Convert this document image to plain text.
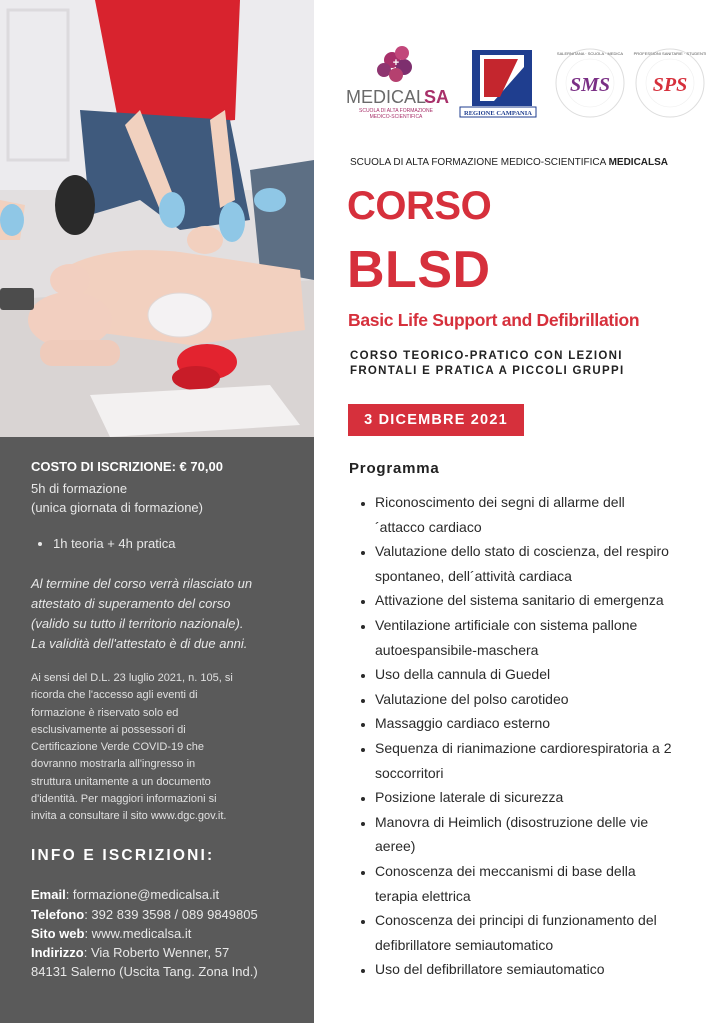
COSTO DI ISCRIZIONE: € 70,00
5h di formazione
(unica giornata di formazione)
• 1h teoria + 4h pratica
Al termine del corso verrà rilasciato un
attestato di superamento del corso
(valido su tutto il territorio nazionale).
La validità dell'attestato è di due anni.
Ai sensi del D.L. 23 luglio 2021, n. 105, si
ricorda che l'accesso agli eventi di
formazione è riservato solo ed
esclusivamente ai possessori di
Certificazione Verde COVID-19 che
dovranno mostrarla all'ingresso in
struttura unitamente a un documento
d'identità. Per maggiori informazioni si
invita a consultare il sito www.dgc.gov.it.
INFO E ISCRIZIONI:
Email: formazione@medicalsa.it
Telefono: 392 839 3598 / 089 9849805
Sito web: www.medicalsa.it
Indirizzo: Via Roberto Wenner, 57
84131 Salerno (Uscita Tang. Zona Ind.)
+
MEDICAL
SA
SCUOLA DI ALTA FORMAZIONE
MEDICO-SCIENTIFICA	REGIONE CAMPANIA
SMS
SALERNITANA · SCUOLA · MEDICA
SPS
PROFESSIONI SANITARIE · STUDENTI
SCUOLA DI ALTA FORMAZIONE MEDICO-SCIENTIFICA MEDICALSA
CORSO
BLSD
Basic Life Support and Defibrillation
CORSO TEORICO-PRATICO CON LEZIONI
FRONTALI E PRATICA A PICCOLI GRUPPI
3 DICEMBRE 2021
Programma
• Riconoscimento dei segni di allarme dell
´attacco cardiaco
• Valutazione dello stato di coscienza, del respiro
spontaneo, dell´attività cardiaca
• Attivazione del sistema sanitario di emergenza
• Ventilazione artificiale con sistema pallone
autoespansibile-maschera
• Uso della cannula di Guedel
• Valutazione del polso carotideo
• Massaggio cardiaco esterno
• Sequenza di rianimazione cardiorespiratoria a 2
soccorritori
• Posizione laterale di sicurezza
• Manovra di Heimlich (disostruzione delle vie
aeree)
• Conoscenza dei meccanismi di base della
terapia elettrica
• Conoscenza dei principi di funzionamento del
defibrillatore semiautomatico
• Uso del defibrillatore semiautomatico
